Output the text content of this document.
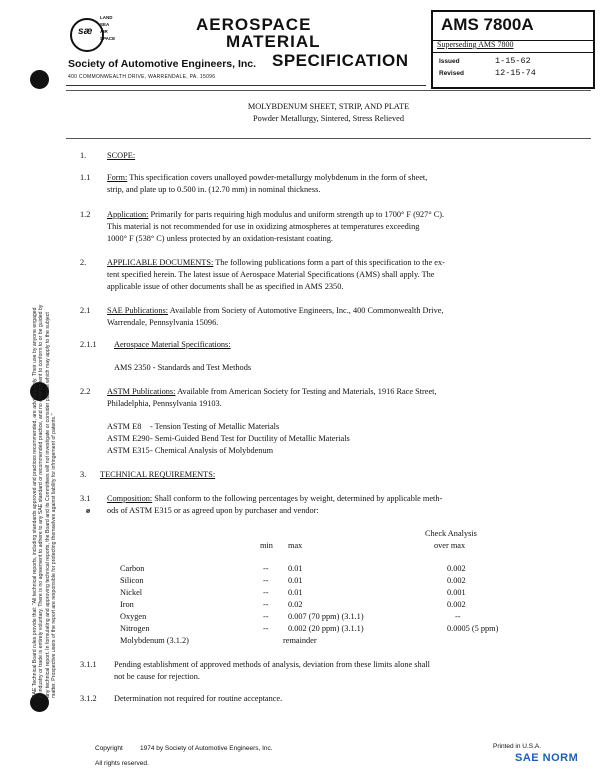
SAE Technical Board rules provide that: "All technical reports, including standards approved and practices recommended, are advisory only. Their use by anyone engaged in industry or trade is entirely voluntary. There is no agreement to adhere to any SAE standard or recommended practice, and no commitment to conform to or be guided by any technical report. In formulating and approving technical reports, the Board and its Committees will not investigate or consider patents which may apply to the subject matter. Prospective users of the report are responsible for protecting themselves against liability for infringement of patents."
sæ
LAND
SEA
AIR
SPACE
AEROSPACE
MATERIAL
Society of Automotive Engineers, Inc. SPECIFICATION
400 COMMONWEALTH DRIVE, WARRENDALE, PA. 15096
AMS 7800A
Superseding AMS 7800
Issued	1-15-62
Revised	12-15-74
MOLYBDENUM SHEET, STRIP, AND PLATE
Powder Metallurgy, Sintered, Stress Relieved
1.	SCOPE:
1.1 Form: This specification covers unalloyed powder-metallurgy molybdenum in the form of sheet,
strip, and plate up to 0.500 in. (12.70 mm) in nominal thickness.
1.2 Application: Primarily for parts requiring high modulus and uniform strength up to 1700° F (927° C).
This material is not recommended for use in oxidizing atmospheres at temperatures exceeding
1000° F (538° C) unless protected by an oxidation-resistant coating.
2.	APPLICABLE DOCUMENTS: The following publications form a part of this specification to the ex-
tent specified herein. The latest issue of Aerospace Material Specifications (AMS) shall apply. The
applicable issue of other documents shall be as specified in AMS 2350.
2.1 SAE Publications: Available from Society of Automotive Engineers, Inc., 400 Commonwealth Drive,
Warrendale, Pennsylvania 15096.
2.1.1 Aerospace Material Specifications:
AMS 2350 - Standards and Test Methods
2.2 ASTM Publications: Available from American Society for Testing and Materials, 1916 Race Street,
Philadelphia, Pennsylvania 19103.
ASTM E8 - Tension Testing of Metallic Materials
ASTM E290 - Semi-Guided Bend Test for Ductility of Metallic Materials
ASTM E315 - Chemical Analysis of Molybdenum
3. TECHNICAL REQUIREMENTS:
3.1
ø
Composition: Shall conform to the following percentages by weight, determined by applicable meth-
ods of ASTM E315 or as agreed upon by purchaser and vendor:
Check Analysis
min max	over max
Carbon	-- 0.01	0.002
Silicon	-- 0.01	0.002
Nickel	-- 0.01	0.001
Iron	-- 0.02	0.002
Oxygen	-- 0.007 (70 ppm) (3.1.1)	--
Nitrogen	-- 0.002 (20 ppm) (3.1.1)	0.0005 (5 ppm)
Molybdenum (3.1.2)	remainder
3.1.1 Pending establishment of approved methods of analysis, deviation from these limits alone shall
not be cause for rejection.
3.1.2 Determination not required for routine acceptance.
Copyright	1974 by Society of Automotive Engineers, Inc.
All rights reserved.
Printed in U.S.A.
SAE NORM
